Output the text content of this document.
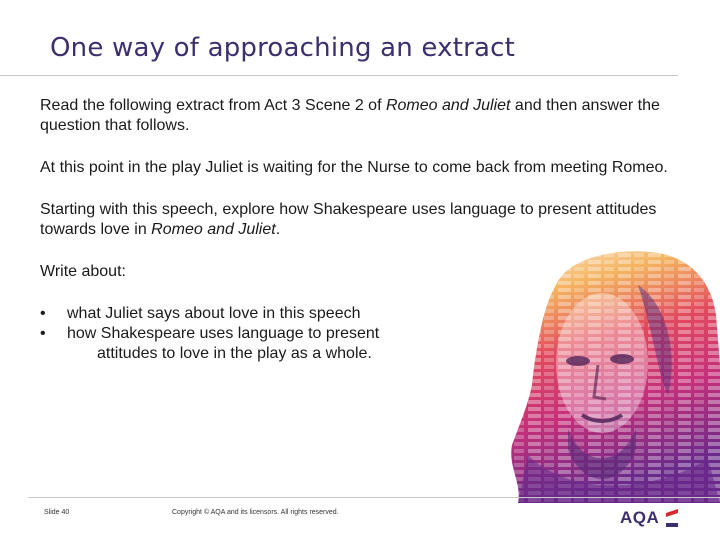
One way of approaching an extract

Read the following extract from Act 3 Scene 2 of Romeo and Juliet and then answer the question that follows.

At this point in the play Juliet is waiting for the Nurse to come back from meeting Romeo.

Starting with this speech, explore how Shakespeare uses language to present attitudes towards love in Romeo and Juliet.

Write about:

• what Juliet says about love in this speech
• how Shakespeare uses language to present
attitudes to love in the play as a whole.
Slide 40	Copyright © AQA and its licensors. All rights reserved.	AQA
